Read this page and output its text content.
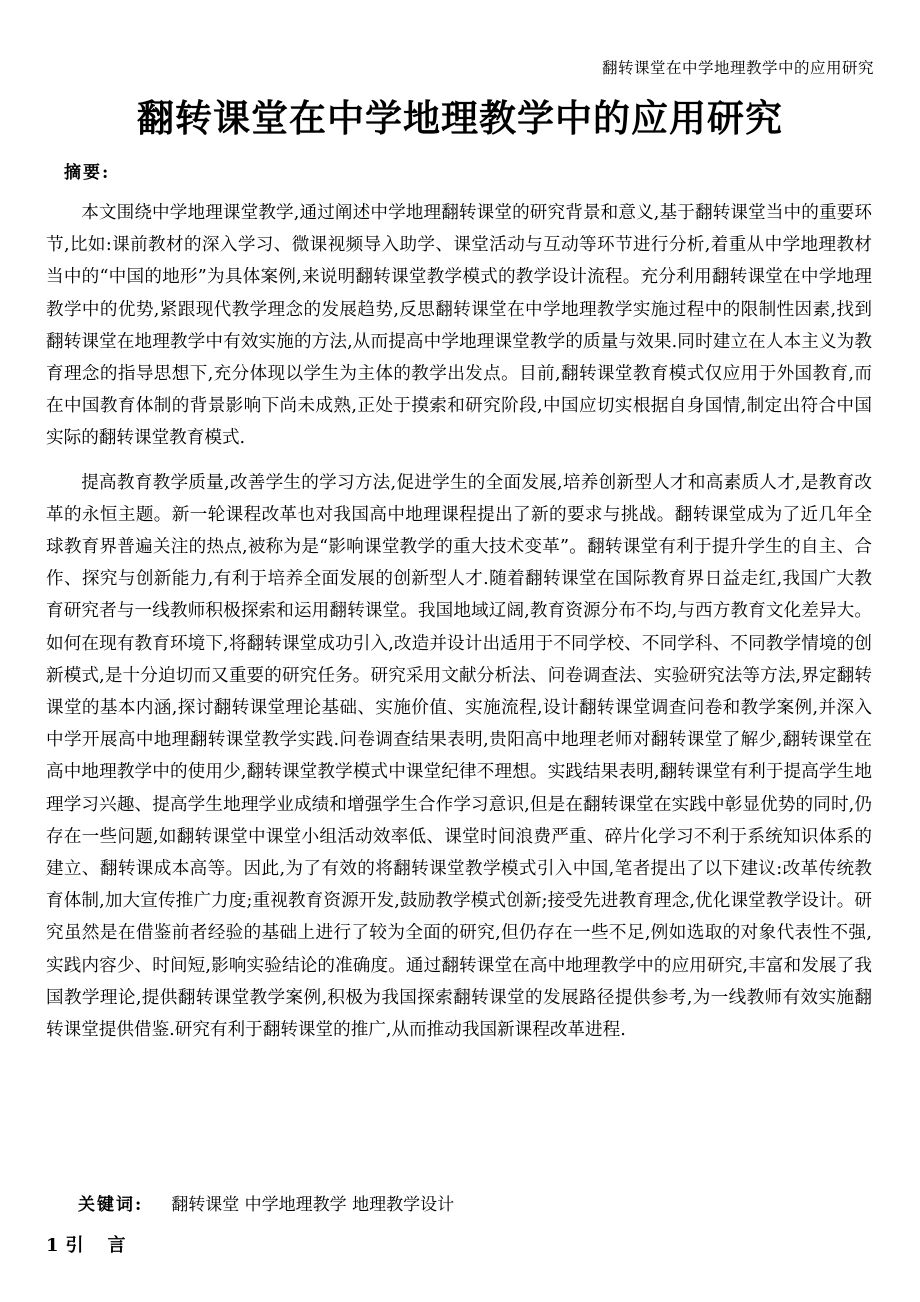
翻转课堂在中学地理教学中的应用研究
翻转课堂在中学地理教学中的应用研究
摘要:

本文围绕中学地理课堂教学,通过阐述中学地理翻转课堂的研究背景和意义,基于翻转课堂当中的重要环节,比如:课前教材的深入学习、微课视频导入助学、课堂活动与互动等环节进行分析,着重从中学地理教材当中的“中国的地形”为具体案例,来说明翻转课堂教学模式的教学设计流程。充分利用翻转课堂在中学地理教学中的优势,紧跟现代教学理念的发展趋势,反思翻转课堂在中学地理教学实施过程中的限制性因素,找到翻转课堂在地理教学中有效实施的方法,从而提高中学地理课堂教学的质量与效果.同时建立在人本主义为教育理念的指导思想下,充分体现以学生为主体的教学出发点。目前,翻转课堂教育模式仅应用于外国教育,而在中国教育体制的背景影响下尚未成熟,正处于摸索和研究阶段,中国应切实根据自身国情,制定出符合中国实际的翻转课堂教育模式.

提高教育教学质量,改善学生的学习方法,促进学生的全面发展,培养创新型人才和高素质人才,是教育改革的永恒主题。新一轮课程改革也对我国高中地理课程提出了新的要求与挑战。翻转课堂成为了近几年全球教育界普遍关注的热点,被称为是“影响课堂教学的重大技术变革”。翻转课堂有利于提升学生的自主、合作、探究与创新能力,有利于培养全面发展的创新型人才.随着翻转课堂在国际教育界日益走红,我国广大教育研究者与一线教师积极探索和运用翻转课堂。我国地域辽阔,教育资源分布不均,与西方教育文化差异大。如何在现有教育环境下,将翻转课堂成功引入,改造并设计出适用于不同学校、不同学科、不同教学情境的创新模式,是十分迫切而又重要的研究任务。研究采用文献分析法、问卷调查法、实验研究法等方法,界定翻转课堂的基本内涵,探讨翻转课堂理论基础、实施价值、实施流程,设计翻转课堂调查问卷和教学案例,并深入中学开展高中地理翻转课堂教学实践.问卷调查结果表明,贵阳高中地理老师对翻转课堂了解少,翻转课堂在高中地理教学中的使用少,翻转课堂教学模式中课堂纪律不理想。实践结果表明,翻转课堂有利于提高学生地理学习兴趣、提高学生地理学业成绩和增强学生合作学习意识,但是在翻转课堂在实践中彰显优势的同时,仍存在一些问题,如翻转课堂中课堂小组活动效率低、课堂时间浪费严重、碎片化学习不利于系统知识体系的建立、翻转课成本高等。因此,为了有效的将翻转课堂教学模式引入中国,笔者提出了以下建议:改革传统教育体制,加大宣传推广力度;重视教育资源开发,鼓励教学模式创新;接受先进教育理念,优化课堂教学设计。研究虽然是在借鉴前者经验的基础上进行了较为全面的研究,但仍存在一些不足,例如选取的对象代表性不强,实践内容少、时间短,影响实验结论的准确度。通过翻转课堂在高中地理教学中的应用研究,丰富和发展了我国教学理论,提供翻转课堂教学案例,积极为我国探索翻转课堂的发展路径提供参考,为一线教师有效实施翻转课堂提供借鉴.研究有利于翻转课堂的推广,从而推动我国新课程改革进程.

关键词: 翻转课堂 中学地理教学 地理教学设计
1 引言
